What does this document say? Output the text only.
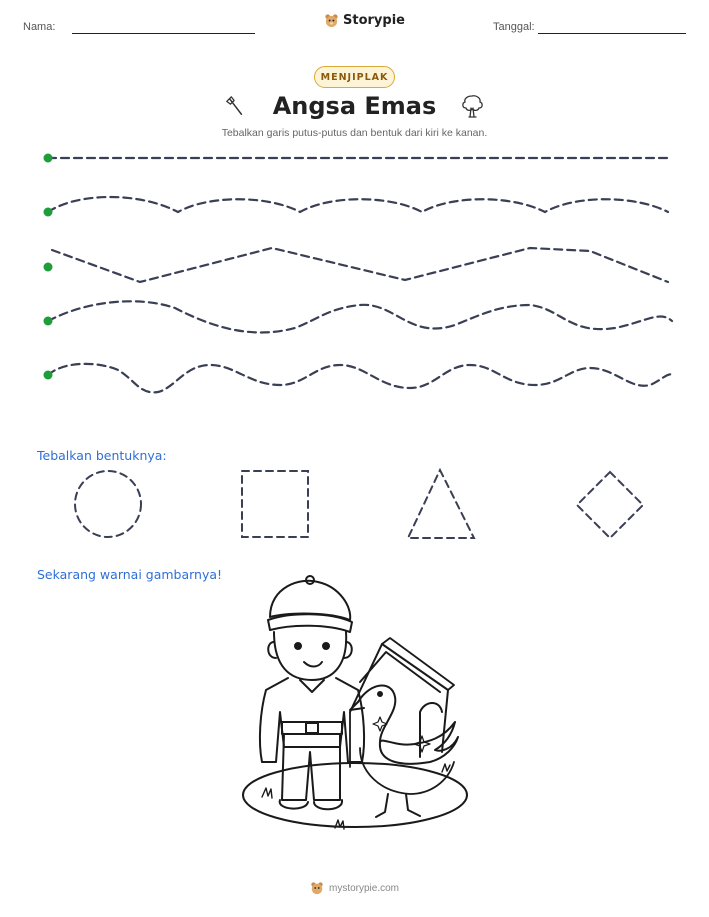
Nama:	Storypie	Tanggal:
MENJIPLAK
Angsa Emas
Tebalkan garis putus-putus dan bentuk dari kiri ke kanan.
Tebalkan bentuknya:
Sekarang warnai gambarnya!
mystorypie.com
